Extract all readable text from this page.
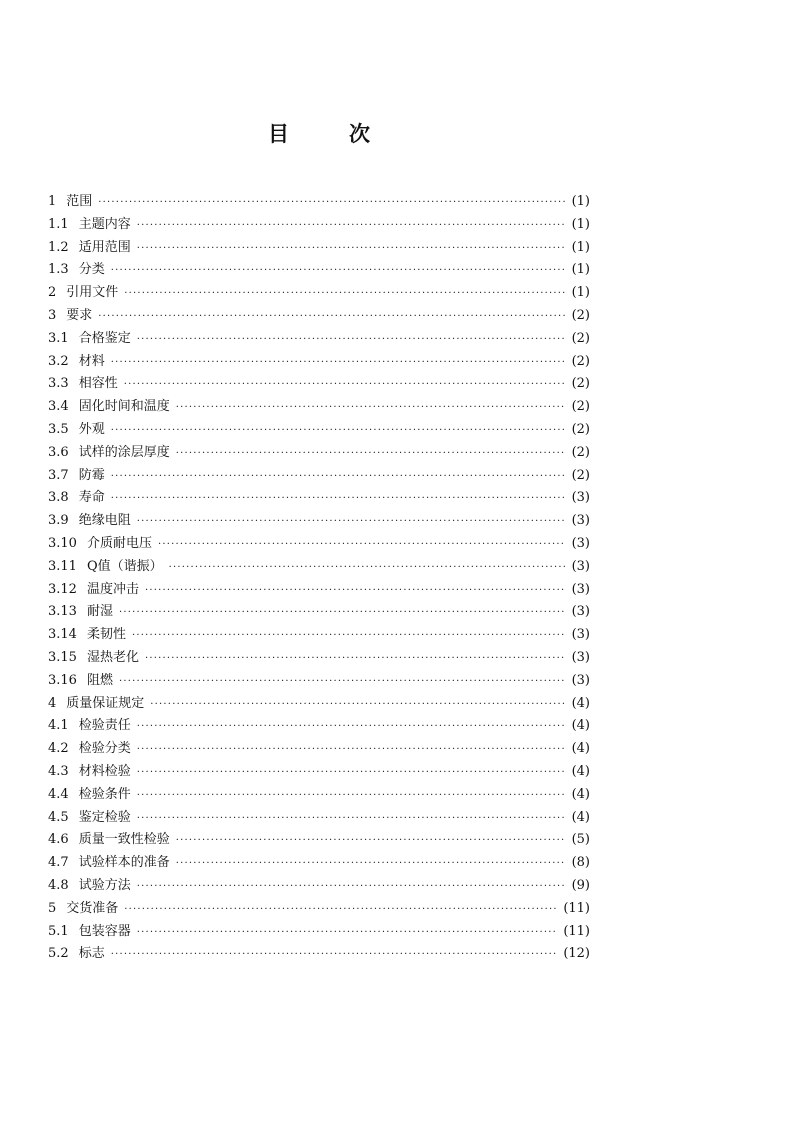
目	次
1 范围 ·····	(1)
1.1 主题内容 ·····	(1)
1.2 适用范围 ·····	(1)
1.3 分类 ·····	(1)
2 引用文件 ·····	(1)
3 要求 ·····	(2)
3.1 合格鉴定 ·····	(2)
3.2 材料 ·····	(2)
3.3 相容性 ·····	(2)
3.4 固化时间和温度 ·····	(2)
3.5 外观 ·····	(2)
3.6 试样的涂层厚度 ·····	(2)
3.7 防霉 ·····	(2)
3.8 寿命 ·····	(3)
3.9 绝缘电阻 ·····	(3)
3.10 介质耐电压 ·····	(3)
3.11 Q值（谐振） ·····	(3)
3.12 温度冲击 ·····	(3)
3.13 耐湿 ·····	(3)
3.14 柔韧性 ·····	(3)
3.15 湿热老化 ·····	(3)
3.16 阻燃 ·····	(3)
4 质量保证规定 ·····	(4)
4.1 检验责任 ·····	(4)
4.2 检验分类 ·····	(4)
4.3 材料检验 ·····	(4)
4.4 检验条件 ·····	(4)
4.5 鉴定检验 ·····	(4)
4.6 质量一致性检验 ·····	(5)
4.7 试验样本的准备 ·····	(8)
4.8 试验方法 ·····	(9)
5 交货准备 ·····	(11)
5.1 包装容器 ·····	(11)
5.2 标志 ·····	(12)
